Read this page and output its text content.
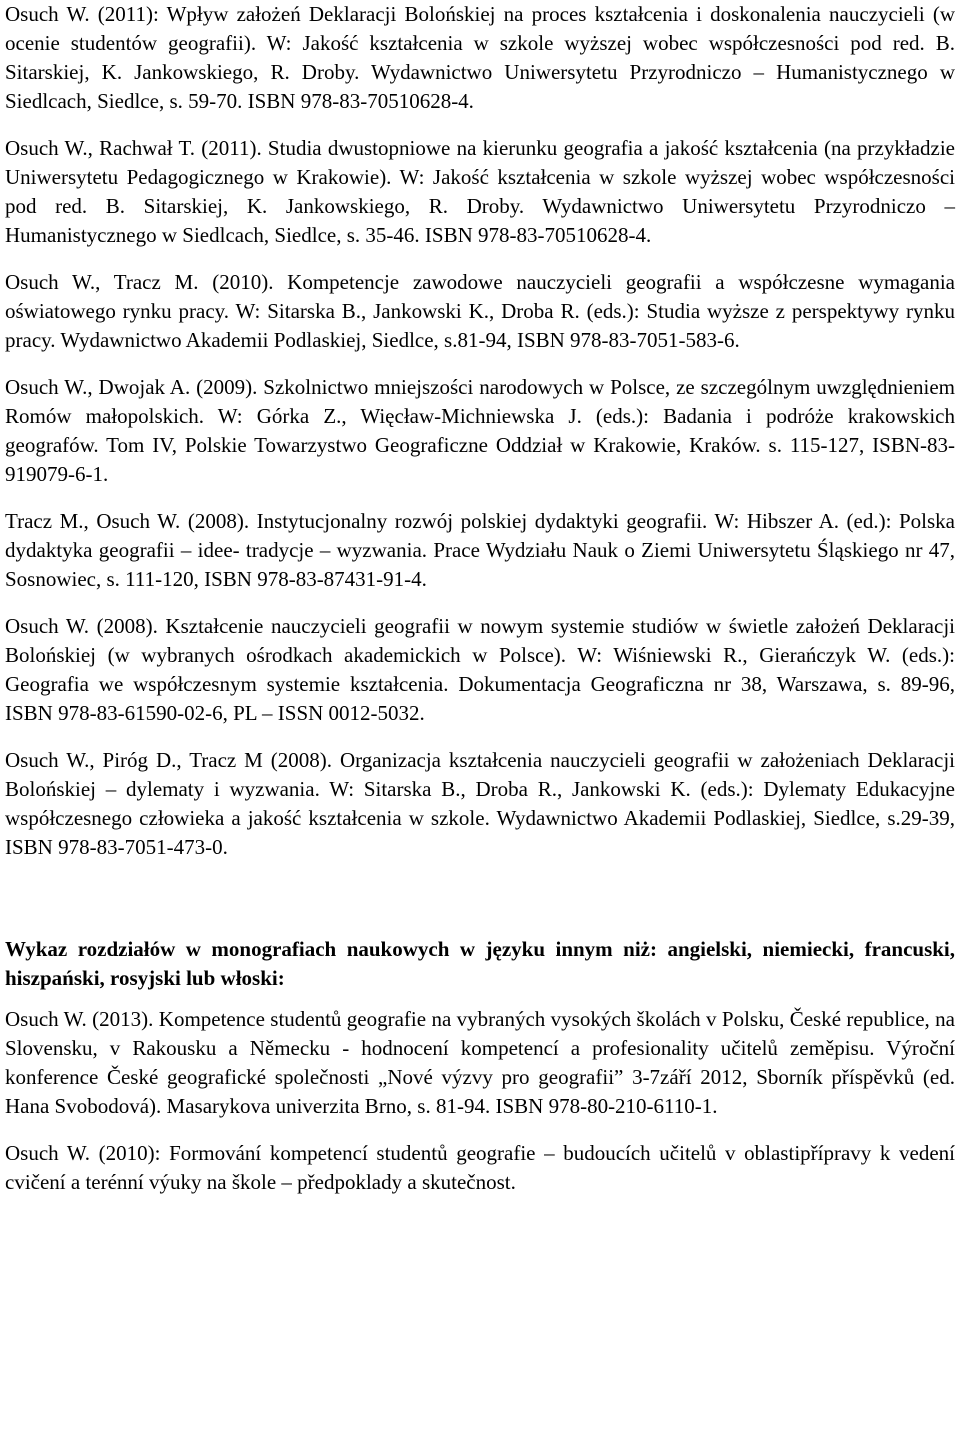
Osuch W. (2011): Wpływ założeń Deklaracji Bolońskiej na proces kształcenia i doskonalenia nauczycieli (w ocenie studentów geografii). W: Jakość kształcenia w szkole wyższej wobec współczesności pod red. B. Sitarskiej, K. Jankowskiego, R. Droby. Wydawnictwo Uniwersytetu Przyrodniczo – Humanistycznego w Siedlcach, Siedlce, s. 59-70. ISBN 978-83-70510628-4.

Osuch W., Rachwał T. (2011). Studia dwustopniowe na kierunku geografia a jakość kształcenia (na przykładzie Uniwersytetu Pedagogicznego w Krakowie). W: Jakość kształcenia w szkole wyższej wobec współczesności pod red. B. Sitarskiej, K. Jankowskiego, R. Droby. Wydawnictwo Uniwersytetu Przyrodniczo – Humanistycznego w Siedlcach, Siedlce, s. 35-46. ISBN 978-83-70510628-4.

Osuch W., Tracz M. (2010). Kompetencje zawodowe nauczycieli geografii a współczesne wymagania oświatowego rynku pracy. W: Sitarska B., Jankowski K., Droba R. (eds.): Studia wyższe z perspektywy rynku pracy. Wydawnictwo Akademii Podlaskiej, Siedlce, s.81-94, ISBN 978-83-7051-583-6.

Osuch W., Dwojak A. (2009). Szkolnictwo mniejszości narodowych w Polsce, ze szczególnym uwzględnieniem Romów małopolskich. W: Górka Z., Więcław-Michniewska J. (eds.): Badania i podróże krakowskich geografów. Tom IV, Polskie Towarzystwo Geograficzne Oddział w Krakowie, Kraków. s. 115-127, ISBN-83-919079-6-1.

Tracz M., Osuch W. (2008). Instytucjonalny rozwój polskiej dydaktyki geografii. W: Hibszer A. (ed.): Polska dydaktyka geografii – idee- tradycje – wyzwania. Prace Wydziału Nauk o Ziemi Uniwersytetu Śląskiego nr 47, Sosnowiec, s. 111-120, ISBN 978-83-87431-91-4.

Osuch W. (2008). Kształcenie nauczycieli geografii w nowym systemie studiów w świetle założeń Deklaracji Bolońskiej (w wybranych ośrodkach akademickich w Polsce). W: Wiśniewski R., Gierańczyk W. (eds.): Geografia we współczesnym systemie kształcenia. Dokumentacja Geograficzna nr 38, Warszawa, s. 89-96, ISBN 978-83-61590-02-6, PL – ISSN 0012-5032.

Osuch W., Piróg D., Tracz M (2008). Organizacja kształcenia nauczycieli geografii w założeniach Deklaracji Bolońskiej – dylematy i wyzwania. W: Sitarska B., Droba R., Jankowski K. (eds.): Dylematy Edukacyjne współczesnego człowieka a jakość kształcenia w szkole. Wydawnictwo Akademii Podlaskiej, Siedlce, s.29-39, ISBN 978-83-7051-473-0.

Wykaz rozdziałów w monografiach naukowych w języku innym niż: angielski, niemiecki, francuski, hiszpański, rosyjski lub włoski:

Osuch W. (2013). Kompetence studentů geografie na vybraných vysokých školách v Polsku, České republice, na Slovensku, v Rakousku a Německu - hodnocení kompetencí a profesionality učitelů zeměpisu. Výroční konference České geografické společnosti „Nové výzvy pro geografii” 3-7září 2012, Sborník příspěvků (ed. Hana Svobodová). Masarykova univerzita Brno, s. 81-94. ISBN 978-80-210-6110-1.

Osuch W. (2010): Formování kompetencí studentů geografie – budoucích učitelů v oblastipřípravy k vedení cvičení a terénní výuky na škole – předpoklady a skutečnost.
